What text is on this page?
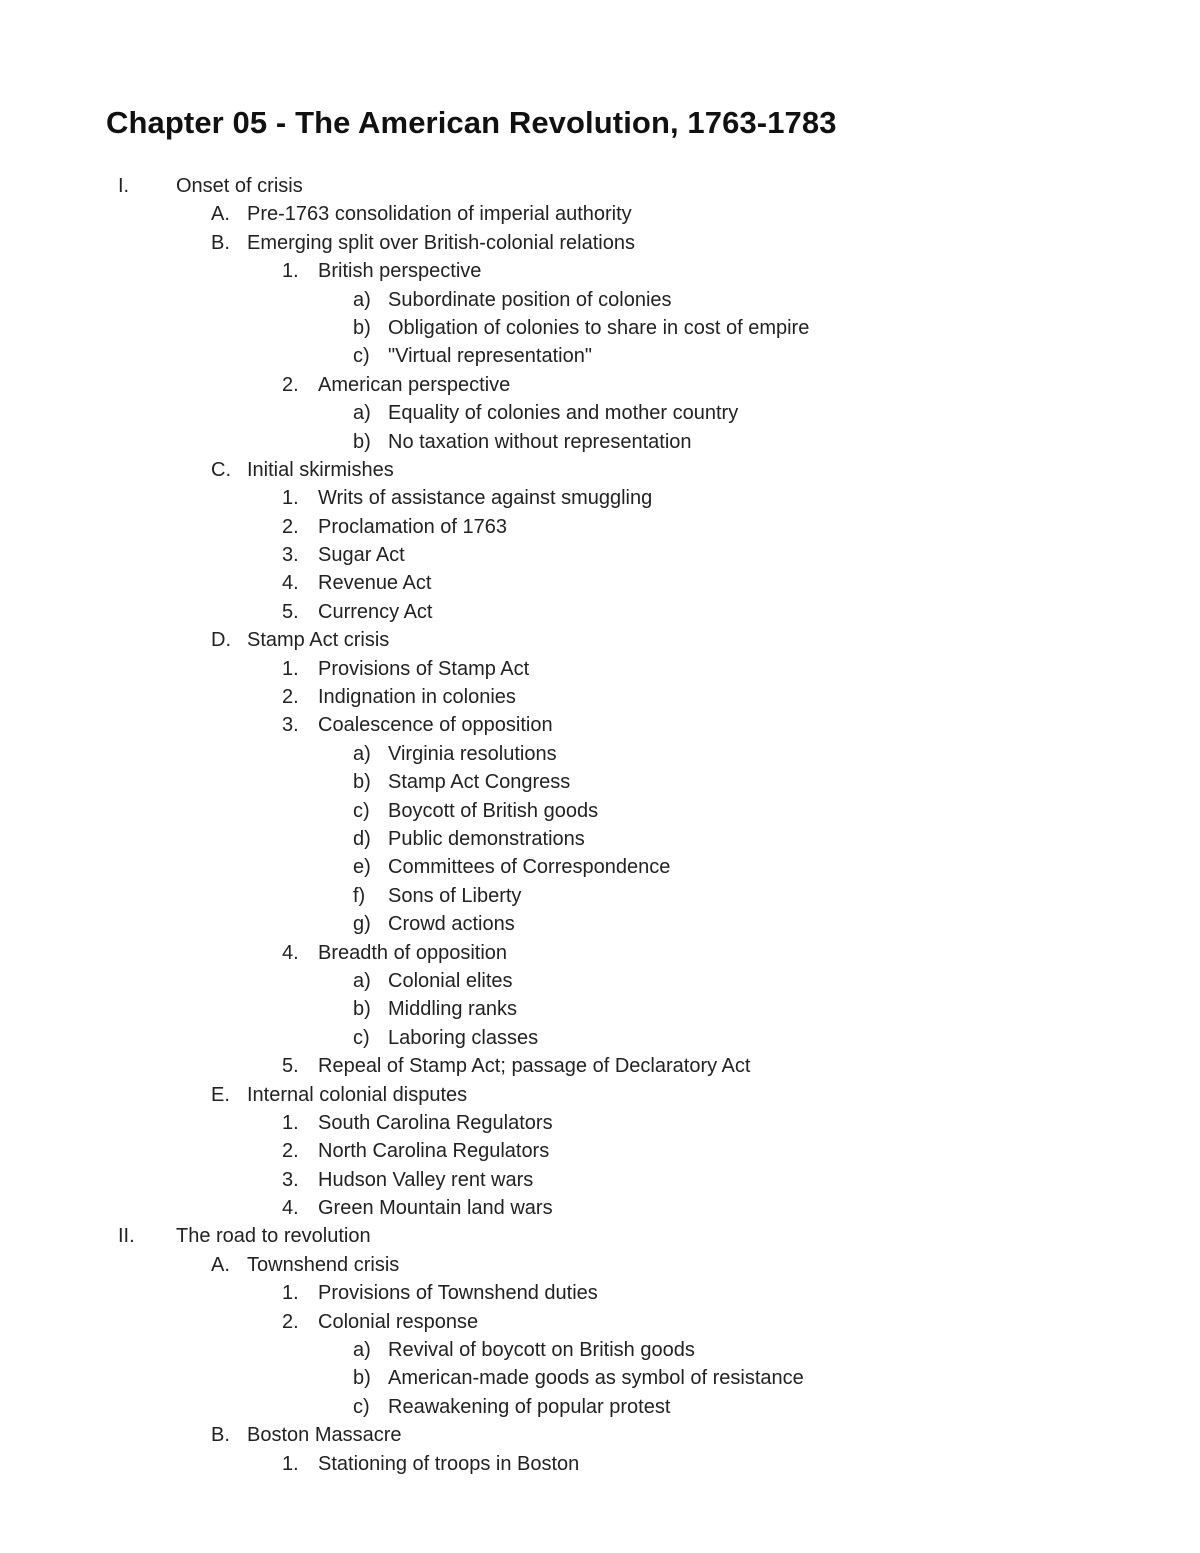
Chapter 05 - The American Revolution, 1763-1783
I. Onset of crisis
A. Pre-1763 consolidation of imperial authority
B. Emerging split over British-colonial relations
1. British perspective
a) Subordinate position of colonies
b) Obligation of colonies to share in cost of empire
c) "Virtual representation"
2. American perspective
a) Equality of colonies and mother country
b) No taxation without representation
C. Initial skirmishes
1. Writs of assistance against smuggling
2. Proclamation of 1763
3. Sugar Act
4. Revenue Act
5. Currency Act
D. Stamp Act crisis
1. Provisions of Stamp Act
2. Indignation in colonies
3. Coalescence of opposition
a) Virginia resolutions
b) Stamp Act Congress
c) Boycott of British goods
d) Public demonstrations
e) Committees of Correspondence
f) Sons of Liberty
g) Crowd actions
4. Breadth of opposition
a) Colonial elites
b) Middling ranks
c) Laboring classes
5. Repeal of Stamp Act; passage of Declaratory Act
E. Internal colonial disputes
1. South Carolina Regulators
2. North Carolina Regulators
3. Hudson Valley rent wars
4. Green Mountain land wars
II. The road to revolution
A. Townshend crisis
1. Provisions of Townshend duties
2. Colonial response
a) Revival of boycott on British goods
b) American-made goods as symbol of resistance
c) Reawakening of popular protest
B. Boston Massacre
1. Stationing of troops in Boston
